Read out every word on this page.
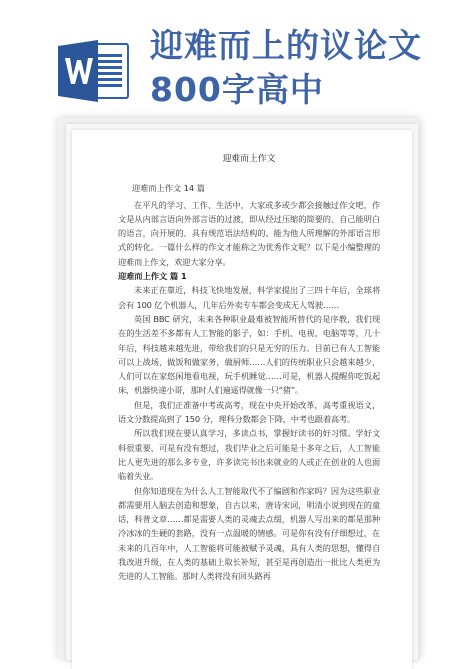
迎难而上的议论文
800字高中
迎难而上作文

迎难而上作文 14 篇

在平凡的学习、工作、生活中，大家或多或少都会接触过作文吧，作文是从内部言语向外部言语的过渡，即从经过压缩的简要的、自己能明白的语言，向开展的、具有规范语法结构的、能为他人所理解的外部语言形式的转化。一篇什么样的作文才能称之为优秀作文呢？以下是小编整理的迎难而上作文，欢迎大家分享。

迎难而上作文 篇 1

未来正在靠近，科技飞快地发展，科学家提出了三四十年后，全球将会有 100 亿个机器人，几年后外卖专车都会变成无人驾驶……

英国 BBC 研究，未来各种职业最难被智能所替代的是序教，我们现在的生活差不多都有人工智能的影子，如：手机、电视，电脑等等，几十年后，科技越来越先进，带给我们的只是无穷的压力。目前已有人工智能可以上战场，做饭和做家务，做厨师……人们的传统职业只会越来越少，人们可以在家悠闲地看电视，玩手机睡觉……可是，机器人提醒你吃饭起床，机器快递小哥，那时人们遍遥得就像一只“猪”。

但是，我们正准备中考或高考，现在中央开始改革，高考重视语文，语文分数提高到了 150 分，理科分数都会下降，中考也跟着高考。

所以我们现在要认真学习，多读点书，掌握好读书的好习惯。学好文科很重要，可是有没有想过，我们毕业之后可能是十多年之后，人工智能比人更先进的那么多专业，许多读完书出来就业的人或正在创业的人也面临着失业。

但你知道现在为什么人工智能取代不了编剧和作家吗？因为这些职业都需要用人脑去创造和想象，自古以来，唐诗宋词，明清小说到现在的童话，科普文章……都是需要人类的灵魂去点缀，机器人写出来的都是那种冷冰冰的生硬的套路，没有一点温暖的情感。可是你有没有仔细想过，在未来的几百年中，人工智能将可能被赋予灵魂，具有人类的思想，懂得自我改进升级，在人类的基础上取长补短，甚至是再创造出一批比人类更为先进的人工智能。那时人类将没有回头路再
